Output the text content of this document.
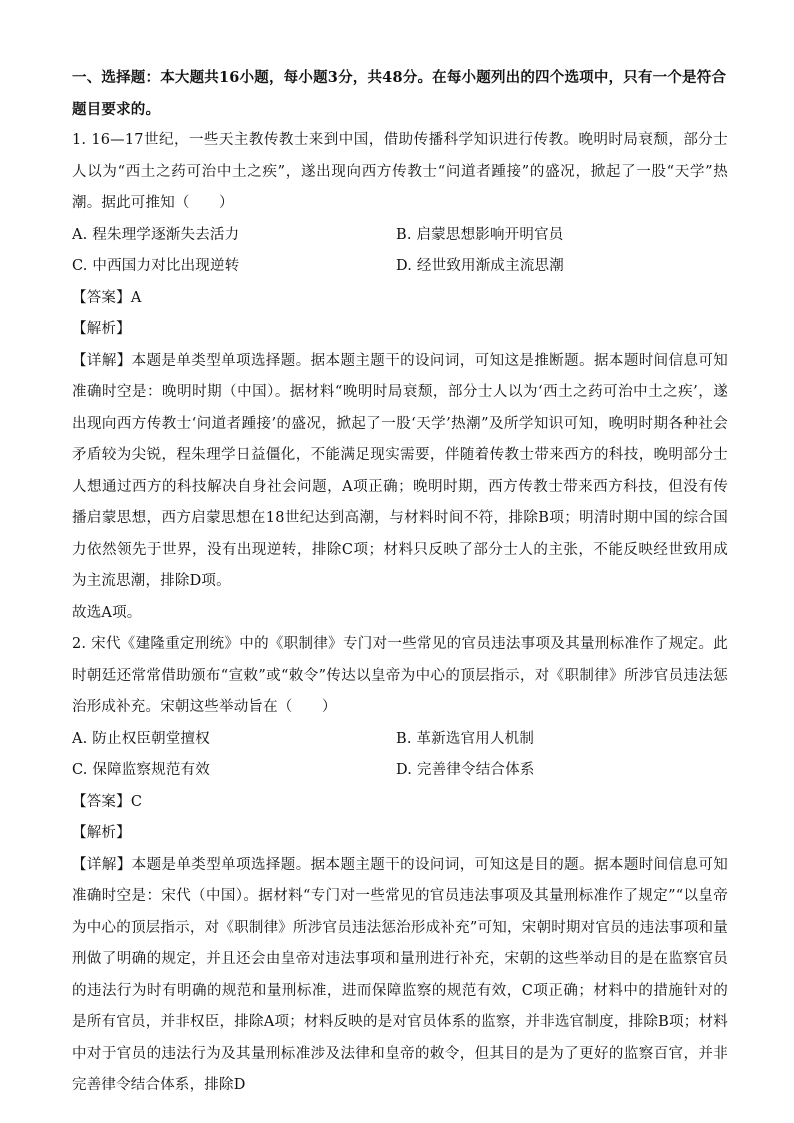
一、选择题：本大题共16小题，每小题3分，共48分。在每小题列出的四个选项中，只有一个是符合题目要求的。
1. 16—17世纪，一些天主教传教士来到中国，借助传播科学知识进行传教。晚明时局衰颓，部分士人以为“西土之药可治中土之疾”，遂出现向西方传教士“问道者踵接”的盛况，掀起了一股“天学”热潮。据此可推知（　　）
A. 程朱理学逐渐失去活力	B. 启蒙思想影响开明官员
C. 中西国力对比出现逆转	D. 经世致用渐成主流思潮
【答案】A
【解析】
【详解】本题是单类型单项选择题。据本题主题干的设问词，可知这是推断题。据本题时间信息可知准确时空是：晚明时期（中国）。据材料“晚明时局衰颓，部分士人以为‘西土之药可治中土之疾’，遂出现向西方传教士‘问道者踵接’的盛况，掀起了一股‘天学’热潮”及所学知识可知，晚明时期各种社会矛盾较为尖锐，程朱理学日益僵化，不能满足现实需要，伴随着传教士带来西方的科技，晚明部分士人想通过西方的科技解决自身社会问题，A项正确；晚明时期，西方传教士带来西方科技，但没有传播启蒙思想，西方启蒙思想在18世纪达到高潮，与材料时间不符，排除B项；明清时期中国的综合国力依然领先于世界，没有出现逆转，排除C项；材料只反映了部分士人的主张，不能反映经世致用成为主流思潮，排除D项。
故选A项。
2. 宋代《建隆重定刑统》中的《职制律》专门对一些常见的官员违法事项及其量刑标准作了规定。此时朝廷还常常借助颁布“宣敕”或“敕令”传达以皇帝为中心的顶层指示，对《职制律》所涉官员违法惩治形成补充。宋朝这些举动旨在（　　）
A. 防止权臣朝堂擅权	B. 革新选官用人机制
C. 保障监察规范有效	D. 完善律令结合体系
【答案】C
【解析】
【详解】本题是单类型单项选择题。据本题主题干的设问词，可知这是目的题。据本题时间信息可知准确时空是：宋代（中国）。据材料“专门对一些常见的官员违法事项及其量刑标准作了规定”“以皇帝为中心的顶层指示，对《职制律》所涉官员违法惩治形成补充”可知，宋朝时期对官员的违法事项和量刑做了明确的规定，并且还会由皇帝对违法事项和量刑进行补充，宋朝的这些举动目的是在监察官员的违法行为时有明确的规范和量刑标准，进而保障监察的规范有效，C项正确；材料中的措施针对的是所有官员，并非权臣，排除A项；材料反映的是对官员体系的监察，并非选官制度，排除B项；材料中对于官员的违法行为及其量刑标准涉及法律和皇帝的敕令，但其目的是为了更好的监察百官，并非完善律令结合体系，排除D
